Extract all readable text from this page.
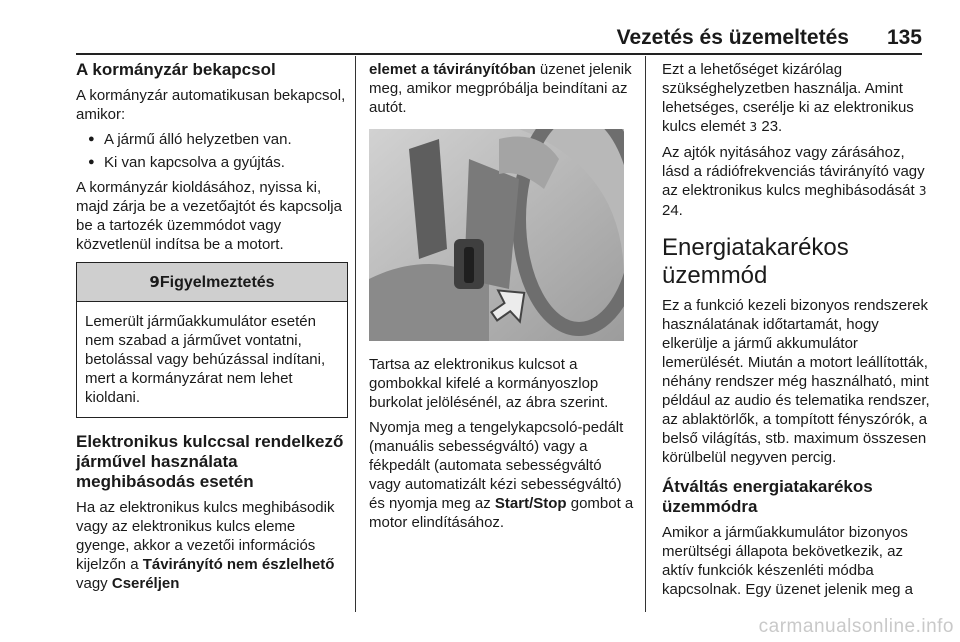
Vezetés és üzemeltetés 135
A kormányzár bekapcsol

A kormányzár automatikusan bekapcsol, amikor:

● A jármű álló helyzetben van.
● Ki van kapcsolva a gyújtás.

A kormányzár kioldásához, nyissa ki, majd zárja be a vezetőajtót és kapcsolja be a tartozék üzemmódot vagy közvetlenül indítsa be a motort.

9Figyelmeztetés
Lemerült járműakkumulátor esetén nem szabad a járművet vontatni, betolással vagy behúzással indítani, mert a kormányzárat nem lehet kioldani.
Elektronikus kulccsal rendelkező járművel használata meghibásodás esetén

Ha az elektronikus kulcs meghibásodik vagy az elektronikus kulcs eleme gyenge, akkor a vezetői információs kijelzőn a Távirányító nem észlelhető vagy Cseréljen

elemet a távirányítóban üzenet jelenik meg, amikor megpróbálja beindítani az autót.

Tartsa az elektronikus kulcsot a gombokkal kifelé a kormányoszlop burkolat jelölésénél, az ábra szerint.

Nyomja meg a tengelykapcsoló-pedált (manuális sebességváltó) vagy a fékpedált (automata sebességváltó vagy automatizált kézi sebességváltó) és nyomja meg az Start/Stop gombot a motor elindításához.

Ezt a lehetőséget kizárólag szükséghelyzetben használja. Amint lehetséges, cserélje ki az elektronikus kulcs elemét 3 23.

Az ajtók nyitásához vagy zárásához, lásd a rádiófrekvenciás távirányító vagy az elektronikus kulcs meghibásodását 3 24.

Energiatakarékos üzemmód

Ez a funkció kezeli bizonyos rendszerek használatának időtartamát, hogy elkerülje a jármű akkumulátor lemerülését. Miután a motort leállították, néhány rendszer még használható, mint például az audio és telematika rendszer, az ablaktörlők, a tompított fényszórók, a belső világítás, stb. maximum összesen körülbelül negyven percig.

Átváltás energiatakarékos üzemmódra

Amikor a járműakkumulátor bizonyos merültségi állapota bekövetkezik, az aktív funkciók készenléti módba kapcsolnak. Egy üzenet jelenik meg a

carmanualsonline.info
